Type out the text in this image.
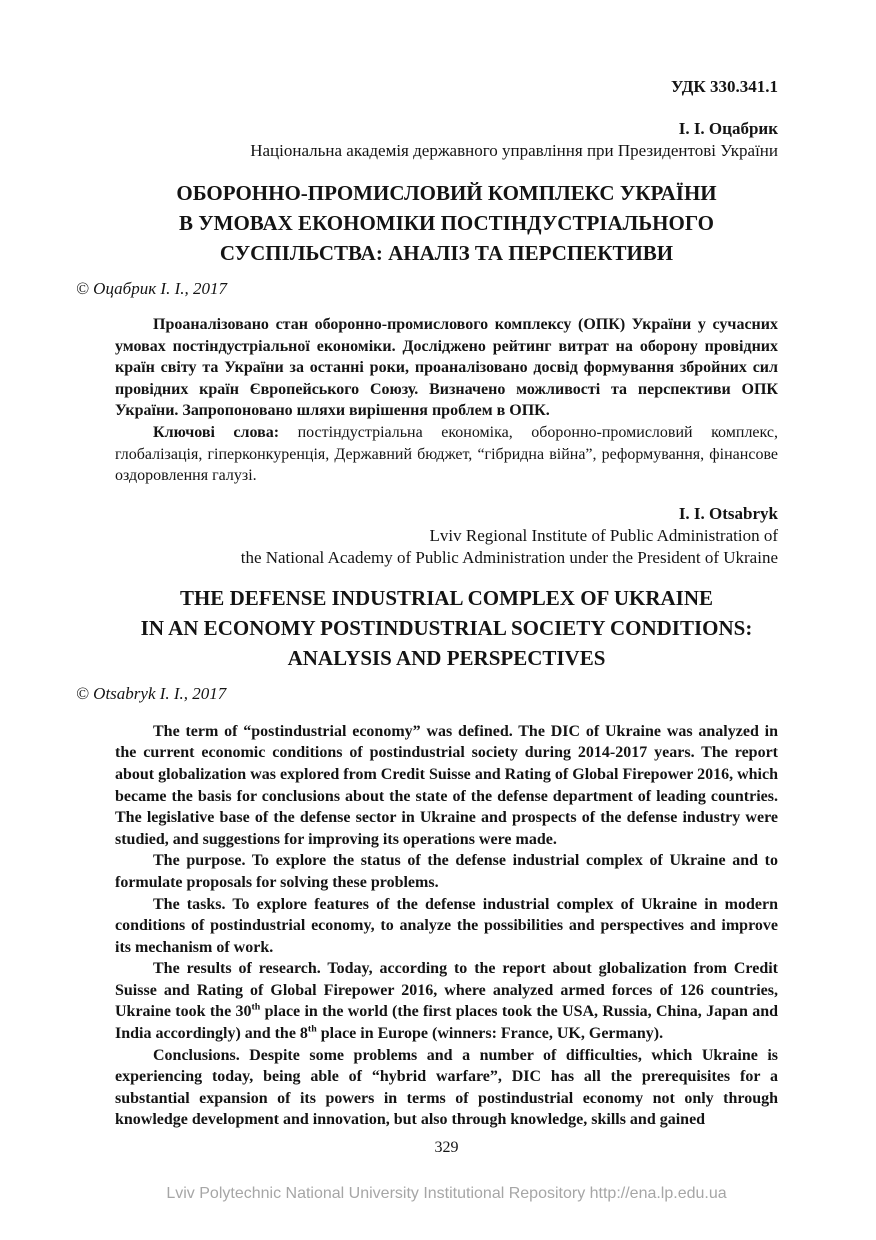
УДК 330.341.1
І. І. Оцабрик
Національна академія державного управління при Президентові України
ОБОРОННО-ПРОМИСЛОВИЙ КОМПЛЕКС УКРАЇНИ
В УМОВАХ ЕКОНОМІКИ ПОСТІНДУСТРІАЛЬНОГО
СУСПІЛЬСТВА: АНАЛІЗ ТА ПЕРСПЕКТИВИ
© Оцабрик І. І., 2017

Проаналізовано стан оборонно-промислового комплексу (ОПК) України у сучасних умовах постіндустріальної економіки. Досліджено рейтинг витрат на оборону провідних країн світу та України за останні роки, проаналізовано досвід формування збройних сил провідних країн Європейського Союзу. Визначено можливості та перспективи ОПК України. Запропоновано шляхи вирішення проблем в ОПК.

Ключові слова: постіндустріальна економіка, оборонно-промисловий комплекс, глобалізація, гіперконкуренція, Державний бюджет, “гібридна війна”, реформування, фінансове оздоровлення галузі.

I. I. Otsabryk
Lviv Regional Institute of Public Administration of
the National Academy of Public Administration under the President of Ukraine
THE DEFENSE INDUSTRIAL COMPLEX OF UKRAINE
IN AN ECONOMY POSTINDUSTRIAL SOCIETY CONDITIONS:
ANALYSIS AND PERSPECTIVES
© Otsabryk I. I., 2017

The term of “postindustrial economy” was defined. The DIC of Ukraine was analyzed in the current economic conditions of postindustrial society during 2014-2017 years. The report about globalization was explored from Credit Suisse and Rating of Global Firepower 2016, which became the basis for conclusions about the state of the defense department of leading countries. The legislative base of the defense sector in Ukraine and prospects of the defense industry were studied, and suggestions for improving its operations were made.

The purpose. To explore the status of the defense industrial complex of Ukraine and to formulate proposals for solving these problems.

The tasks. To explore features of the defense industrial complex of Ukraine in modern conditions of postindustrial economy, to analyze the possibilities and perspectives and improve its mechanism of work.

The results of research. Today, according to the report about globalization from Credit Suisse and Rating of Global Firepower 2016, where analyzed armed forces of 126 countries, Ukraine took the 30th place in the world (the first places took the USA, Russia, China, Japan and India accordingly) and the 8th place in Europe (winners: France, UK, Germany).

Conclusions. Despite some problems and a number of difficulties, which Ukraine is experiencing today, being able of “hybrid warfare”, DIC has all the prerequisites for a substantial expansion of its powers in terms of postindustrial economy not only through knowledge development and innovation, but also through knowledge, skills and gained

329
Lviv Polytechnic National University Institutional Repository http://ena.lp.edu.ua
